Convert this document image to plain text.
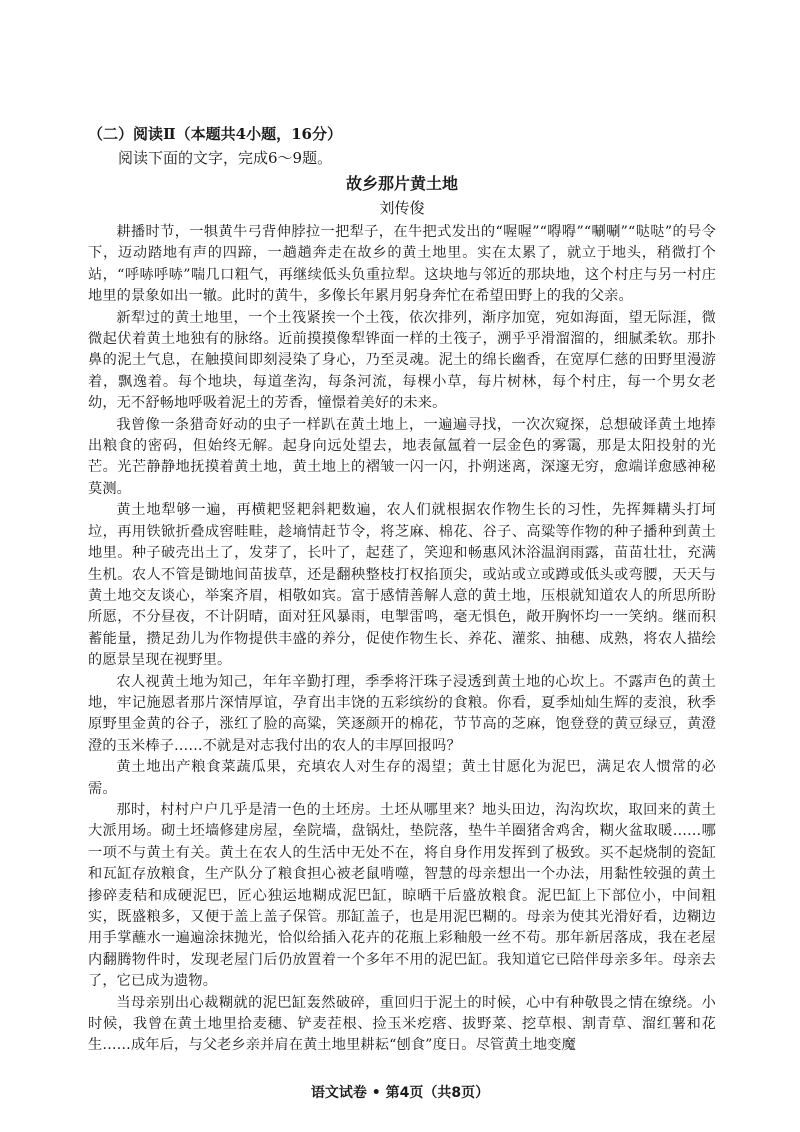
（二）阅读Ⅱ（本题共4小题，16分）

阅读下面的文字，完成6～9题。

故乡那片黄土地

刘传俊

耕播时节，一犋黄牛弓背伸脖拉一把犁子，在牛把式发出的“喔喔”“嘚嘚”“唰唰”“哒哒”的号令下，迈动踏地有声的四蹄，一趟趟奔走在故乡的黄土地里。实在太累了，就立于地头，稍微打个站，“呼哧呼哧”喘几口粗气，再继续低头负重拉犁。这块地与邻近的那块地，这个村庄与另一村庄地里的景象如出一辙。此时的黄牛，多像长年累月躬身奔忙在希望田野上的我的父亲。

新犁过的黄土地里，一个土筏紧挨一个土筏，依次排列，渐序加宽，宛如海面，望无际涯，微微起伏着黄土地独有的脉络。近前摸摸像犁铧面一样的土筏子，溯乎乎滑溜溜的，细腻柔软。那扑鼻的泥土气息，在触摸间即刻浸染了身心，乃至灵魂。泥土的绵长幽香，在宽厚仁慈的田野里漫游着，飘逸着。每个地块，每道垄沟，每条河流，每棵小草，每片树林，每个村庄，每一个男女老幼，无不舒畅地呼吸着泥土的芳香，憧憬着美好的未来。

我曾像一条猎奇好动的虫子一样趴在黄土地上，一遍遍寻找，一次次窥探，总想破译黄土地捧出粮食的密码，但始终无解。起身向远处望去，地表氤氲着一层金色的雾霭，那是太阳投射的光芒。光芒静静地抚摸着黄土地，黄土地上的褶皱一闪一闪，扑朔迷离，深邃无穷，愈端详愈感神秘莫测。

黄土地犁够一遍，再横耙竖耙斜耙数遍，农人们就根据农作物生长的习性，先挥舞耩头打坷垃，再用铁锨折叠成窖畦畦，趁墒情赶节令，将芝麻、棉花、谷子、高粱等作物的种子播种到黄土地里。种子破壳出土了，发芽了，长叶了，起莛了，笑迎和畅惠风沐浴温润雨露，苗苗壮壮，充满生机。农人不管是锄地间苗拔草，还是翻秧整枝打权掐顶尖，或站或立或蹲或低头或弯腰，天天与黄土地交友谈心，举案齐眉，相敬如宾。富于感情善解人意的黄土地，压根就知道农人的所思所盼所愿，不分昼夜，不计阴晴，面对狂风暴雨，电掣雷鸣，毫无惧色，敞开胸怀均一一笑纳。继而积蓄能量，攒足劲儿为作物提供丰盛的养分，促使作物生长、养花、灌浆、抽穗、成熟，将农人描绘的愿景呈现在视野里。

农人视黄土地为知己，年年辛勤打理，季季将汗珠子浸透到黄土地的心坎上。不露声色的黄土地，牢记施恩者那片深情厚谊，孕育出丰饶的五彩缤纷的食粮。你看，夏季灿灿生辉的麦浪，秋季原野里金黄的谷子，涨红了脸的高粱，笑逐颜开的棉花，节节高的芝麻，饱登登的黄豆绿豆，黄澄澄的玉米棒子……不就是对志我付出的农人的丰厚回报吗？

黄土地出产粮食菜蔬瓜果，充填农人对生存的渴望；黄土甘愿化为泥巴，满足农人惯常的必需。

那时，村村户户几乎是清一色的土坯房。土坯从哪里来？地头田边，沟沟坎坎，取回来的黄土大派用场。砌土坯墙修建房屋，垒院墙，盘锅灶，垫院落，垫牛羊圈猪舍鸡舍，糊火盆取暖……哪一项不与黄土有关。黄土在农人的生活中无处不在，将自身作用发挥到了极致。买不起烧制的瓷缸和瓦缸存放粮食，生产队分了粮食担心被老鼠啃噬，智慧的母亲想出一个办法，用黏性较强的黄土掺碎麦秸和成硬泥巴，匠心独运地糊成泥巴缸，晾晒干后盛放粮食。泥巴缸上下部位小，中间粗实，既盛粮多，又便于盖上盖子保管。那缸盖子，也是用泥巴糊的。母亲为使其光滑好看，边糊边用手掌蘸水一遍遍涂抹抛光，恰似给插入花卉的花瓶上彩釉般一丝不苟。那年新居落成，我在老屋内翻腾物件时，发现老屋门后仍放置着一个多年不用的泥巴缸。我知道它已陪伴母亲多年。母亲去了，它已成为遗物。

当母亲别出心裁糊就的泥巴缸轰然破碎，重回归于泥土的时候，心中有种敬畏之情在缭绕。小时候，我曾在黄土地里拾麦穗、铲麦茬根、捡玉米疙瘩、拔野菜、挖草根、割青草、溜红薯和花生……成年后，与父老乡亲并肩在黄土地里耕耘“刨食”度日。尽管黄土地变魔

语文试卷 • 第4页（共8页）
